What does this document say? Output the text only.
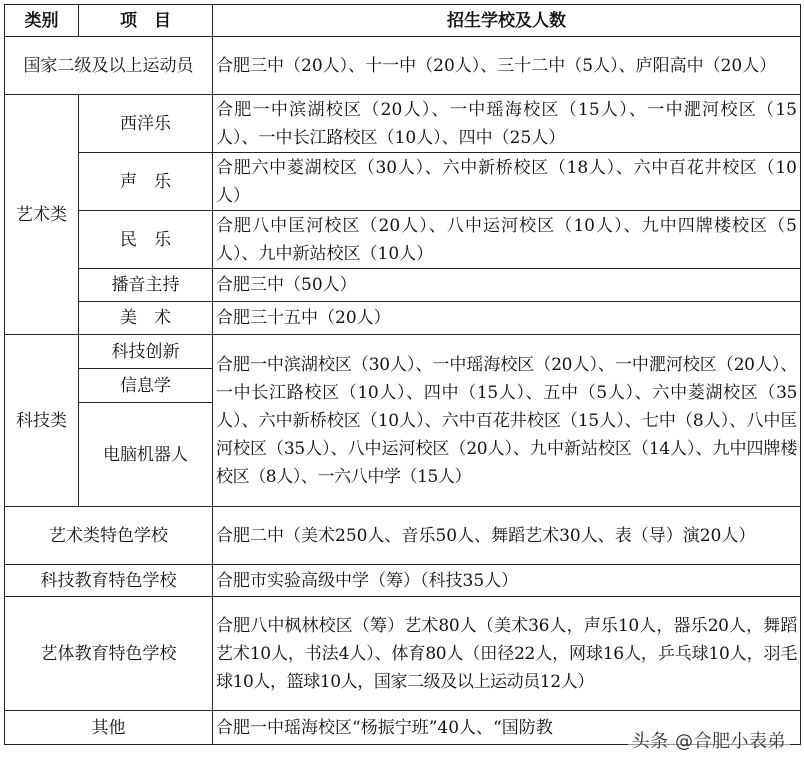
类别	项　目	招生学校及人数
国家二级及以上运动员		合肥三中（20人）、十一中（20人）、三十二中（5人）、庐阳高中（20人）
艺术类	西洋乐	合肥一中滨湖校区（20人）、一中瑶海校区（15人）、一中淝河校区（15人）、一中长江路校区（10人）、四中（25人）
	声　乐	合肥六中菱湖校区（30人）、六中新桥校区（18人）、六中百花井校区（10人）
	民　乐	合肥八中匡河校区（20人）、八中运河校区（10人）、九中四牌楼校区（5人）、九中新站校区（10人）
	播音主持	合肥三中（50人）
	美　术	合肥三十五中（20人）
科技类	科技创新	合肥一中滨湖校区（30人）、一中瑶海校区（20人）、一中淝河校区（20人）、一中长江路校区（10人）、四中（15人）、五中（5人）、六中菱湖校区（35人）、六中新桥校区（10人）、六中百花井校区（15人）、七中（8人）、八中匡河校区（35人）、八中运河校区（20人）、九中新站校区（14人）、九中四牌楼校区（8人）、一六八中学（15人）
	信息学	
	电脑机器人	
艺术类特色学校		合肥二中（美术250人、音乐50人、舞蹈艺术30人、表（导）演20人）
科技教育特色学校		合肥市实验高级中学（筹）（科技35人）
艺体教育特色学校		合肥八中枫林校区（筹）艺术80人（美术36人，声乐10人，器乐20人，舞蹈艺术10人，书法4人）、体育80人（田径22人，网球16人，乒乓球10人，羽毛球10人，篮球10人，国家二级及以上运动员12人）
其他		合肥一中瑶海校区“杨振宁班”40人、“国防教
头条 @合肥小表弟
